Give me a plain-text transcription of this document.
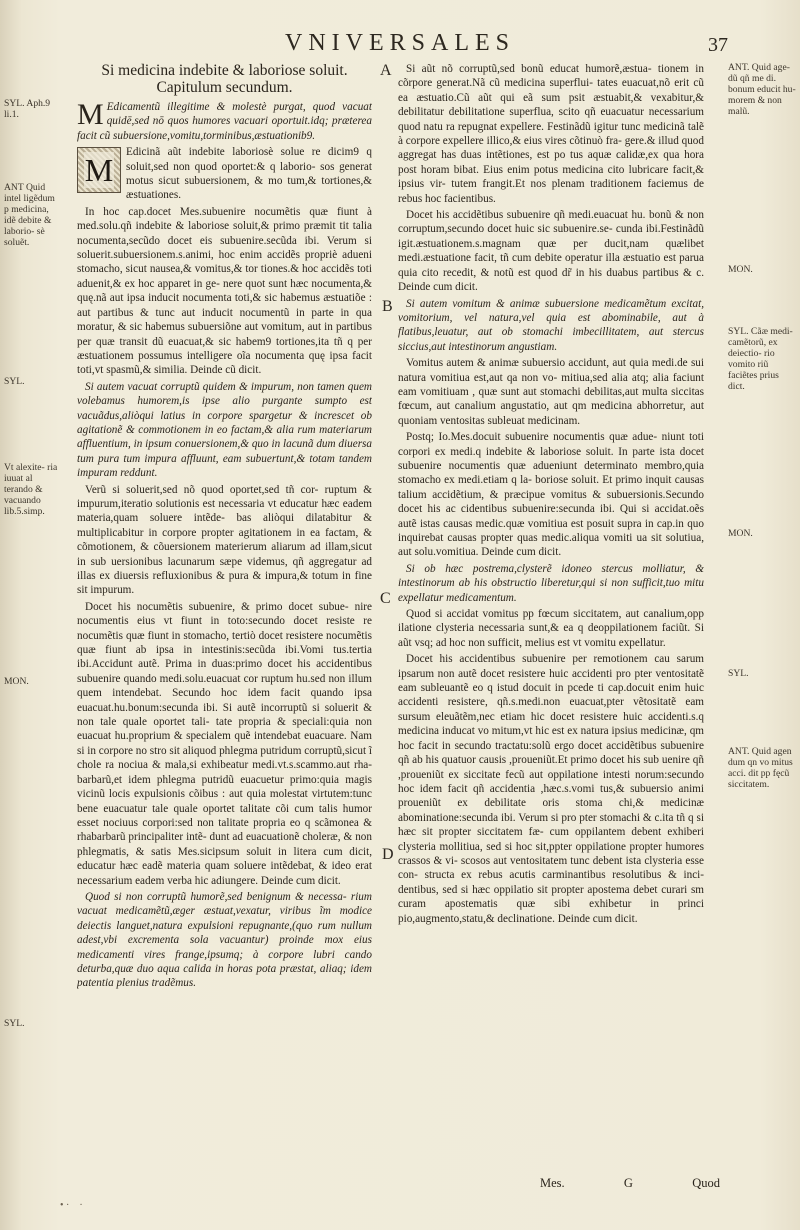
VNIVERSALES	37
A
B
C
D
SYL. Aph.9 li.1.
ANT Quid intel ligẽdum p medicina, idẽ debite & laborio- sè soluẽt.
SYL.
Vt alexite- ria iuuat al terando & vacuando lib.5.simp.
MON.
SYL.
ANT. Quid age- dũ qñ me di. bonum educit hu- morem & non malũ.
MON.
SYL. Cãæ medi- camẽtorũ, ex deiectio- rio vomito riũ faciẽtes prius dict.
MON.
SYL.
ANT. Quid agen dum qn vo mitus acci. dit pp fęcũ siccitatem.
Si medicina indebite & laboriose soluit.
Capitulum secundum.

M Edicamentũ illegitime & molestè purgat, quod vacuat quidē,sed nō quos humores vacuari oportuit.idq; præterea facit cũ subuersione,vomitu,torminibus,æstuationib9.

M Edicinã aũt indebite laboriosè solue re dicim9 q soluit,sed non quod oportet:& q laborio- sos generat motus sicut subuersionem, & mo tum,& tortiones,& æstuationes.

In hoc cap.docet Mes.subuenire nocumẽtis quæ fiunt à med.solu.qñ indebite & laboriose soluit,& primo præmit tit talia nocumenta,secũdo docet eis subuenire.secũda ibi. Verum si soluerit.subuersionem.s.animi, hoc enim accidẽs propriè adueni stomacho, sicut nausea,& vomitus,& tor tiones.& hoc accidẽs toti aduenit,& ex hoc apparet in ge- nere quot sunt hæc nocumenta,& quę.nã aut ipsa inducit nocumenta toti,& sic habemus æstuatiõe : aut partibus & tunc aut inducit nocumentũ in parte in qua moratur, & sic habemus subuersiõne aut vomitum, aut in partibus per quæ transit dũ euacuat,& sic habem9 tortiones,ita tñ q per æstuationem possumus intelligere oĩa nocumenta quę ipsa facit toti,vt spasmũ,& similia. Deinde cũ dicit.

Si autem vacuat corruptũ quidem & impurum, non tamen quem volebamus humorem,is ipse alio purgante sumpto est vacuãdus,aliòqui latius in corpore spargetur & increscet ob agitationẽ & commotionem in eo factam,& alia rum materiarum affluentium, in ipsum conuersionem,& quo in lacunã dum diuersa tum pura tum impura affluunt, eam subuertunt,& totam tandem impuram reddunt.

Verũ si soluerit,sed nõ quod oportet,sed tñ cor- ruptum & impurum,iteratio solutionis est necessaria vt educatur hæc eadem materia,quam soluere intẽde- bas aliòqui dilatabitur & multiplicabitur in corpore propter agitationem in ea factam, & cõmotionem, & cõuersionem materierum aliarum ad illam,sicut in sub uersionibus lacunarum sæpe videmus, qñ aggregatur ad illas ex diuersis refluxionibus & pura & impura,& totum in fine sit impurum.

Docet his nocumẽtis subuenire, & primo docet subue- nire nocumentis eius vt fiunt in toto:secundo docet resiste re nocumẽtis quæ fiunt in stomacho, tertiò docet resistere nocumẽtis quæ fiunt ab ipsa in intestinis:secũda ibi.Vomi tus.tertia ibi.Accidunt autẽ. Prima in duas:primo docet his accidentibus subuenire quando medi.solu.euacuat cor ruptum hu.sed non illum quem intendebat. Secundo hoc idem facit quando ipsa euacuat.hu.bonum:secunda ibi. Si autẽ incorruptũ si soluerit & non tale quale oportet tali- tate propria & speciali:quia non euacuat hu.proprium & specialem quẽ intendebat euacuare. Nam si in corpore no stro sit aliquod phlegma putridum corruptũ,sicut ĩ chole ra nociua & mala,si exhibeatur medi.vt.s.scammo.aut rha- barbarũ,et idem phlegma putridũ euacuetur primo:quia magis vicinũ locis expulsionis cõibus : aut quia molestat virtutem:tunc bene euacuatur tale quale oportet talitate cõi cum talis humor esset nociuus corpori:sed non talitate propria eo q scãmonea & rhabarbarũ principaliter intẽ- dunt ad euacuationẽ choleræ, & non phlegmatis, & satis Mes.sicipsum soluit in litera cum dicit, educatur hæc eadẽ materia quam soluere intẽdebat, & ideo erat necessarium eadem verba hic adiungere. Deinde cum dicit.

Quod si non corruptũ humorẽ,sed benignum & necessa- rium vacuat medicamẽtũ,æger æstuat,vexatur, viribus ĩm modice deiectis languet,natura expulsioni repugnante,(quo rum nullum adest,vbi excrementa sola vacuantur) proinde mox eius medicamenti vires frange,ipsumq; à corpore lubri cando deturba,quæ duo aqua calida in horas pota præstat, aliaq; idem patentia plenius tradẽmus.

Si aũt nõ corruptũ,sed bonũ educat humorẽ,æstua- tionem in cõrpore generat.Nã cũ medicina superflui- tates euacuat,nõ erit cũ ea æstuatio.Cũ aũt qui eã sum psit æstuabit,& vexabitur,& debilitatur debilitatione superflua, scito qñ euacuatur necessarium quod natu ra repugnat expellere. Festinãdũ igitur tunc medicinã talẽ à corpore expellere illico,& eius vires cõtinuò fra- gere.& illud quod aggregat has duas intẽtiones, est po tus aquæ calidæ,ex qua hora post horam bibat. Eius enim potus medicina cito lubricare facit,& ipsius vir- tutem frangit.Et nos plenam traditionem faciemus de rebus hoc facientibus.

Docet his accidẽtibus subuenire qñ medi.euacuat hu. bonũ & non corruptum,secundo docet huic sic subuenire.se- cunda ibi.Festinãdũ igit.æstuationem.s.magnam quæ per ducit,nam quælibet medi.æstuatione facit, tñ cum debite operatur illa æstuatio est parua quia cito recedit, & notũ est quod dr̃ in his duabus partibus & c. Deinde cum dicit.

Si autem vomitum & animæ subuersione medicamẽtum excitat, vomitorium, vel natura,vel quia est abominabile, aut à flatibus,leuatur, aut ob stomachi imbecillitatem, aut stercus siccius,aut intestinorum angustiam.

Vomitus autem & animæ subuersio accidunt, aut quia medi.de sui natura vomitiua est,aut qa non vo- mitiua,sed alia atq; alia faciunt eam vomitiuam , quæ sunt aut stomachi debilitas,aut multa siccitas fœcum, aut canalium angustatio, aut qm medicina abhorretur, aut quoniam ventositas subleuat medicinam.

Postq; Io.Mes.docuit subuenire nocumentis quæ adue- niunt toti corpori ex medi.q indebite & laboriose soluit. In parte ista docet subuenire nocumentis quæ adueniunt determinato membro,quia stomacho ex medi.etiam q la- boriose soluit. Et primo inquit causas talium accidẽtium, & præcipue vomitus & subuersionis.Secundo docet his ac cidentibus subuenire:secunda ibi. Qui si accidat.oẽs autẽ istas causas medic.quæ vomitiua est posuit supra in cap.in quo inquirebat causas propter quas medic.aliqua vomiti ua sit solutiua, aut solu.vomitiua. Deinde cum dicit.

Si ob hæc postrema,clysterẽ idoneo stercus molliatur, & intestinorum ab his obstructio liberetur,qui si non sufficit,tuo mitu expellatur medicamentum.

Quod si accidat vomitus pp fœcum siccitatem, aut canalium,opp ilatione clysteria necessaria sunt,& ea q deoppilationem faciũt. Si aũt vsq; ad hoc non sufficit, melius est vt vomitu expellatur.

Docet his accidentibus subuenire per remotionem cau sarum ipsarum non autẽ docet resistere huic accidenti pro pter ventositatẽ eam subleuantẽ eo q istud docuit in pcede ti cap.docuit enim huic accidenti resistere, qñ.s.medi.non euacuat,pter vẽtositatẽ eam sursum eleuãtẽm,nec etiam hic docet resistere huic accidenti.s.q medicina inducat vo mitum,vt hic est ex natura ipsius medicinæ, qm hoc facit in secundo tractatu:solũ ergo docet accidẽtibus subuenire qñ ab his quatuor causis ,proueniũt.Et primo docet his sub uenire qñ ,proueniũt ex siccitate fecũ aut oppilatione intesti norum:secundo hoc idem facit qñ accidentia ,hæc.s.vomi tus,& subuersio animi proueniũt ex debilitate oris stoma chi,& medicinæ abominatione:secunda ibi. Verum si pro pter stomachi & c.ita tñ q si hæc sit propter siccitatem fæ- cum oppilantem debent exhiberi clysteria mollitiua, sed si hoc sit,ppter oppilatione propter humores crassos & vi- scosos aut ventositatem tunc debent ista clysteria esse con- structa ex rebus acutis carminantibus resolutibus & inci- dentibus, sed si hæc oppilatio sit propter apostema debet curari sm curam apostematis quæ sibi exhibetur in princi pio,augmento,statu,& declinatione. Deinde cum dicit.

Mes.	G	Quod
• ·    ·
